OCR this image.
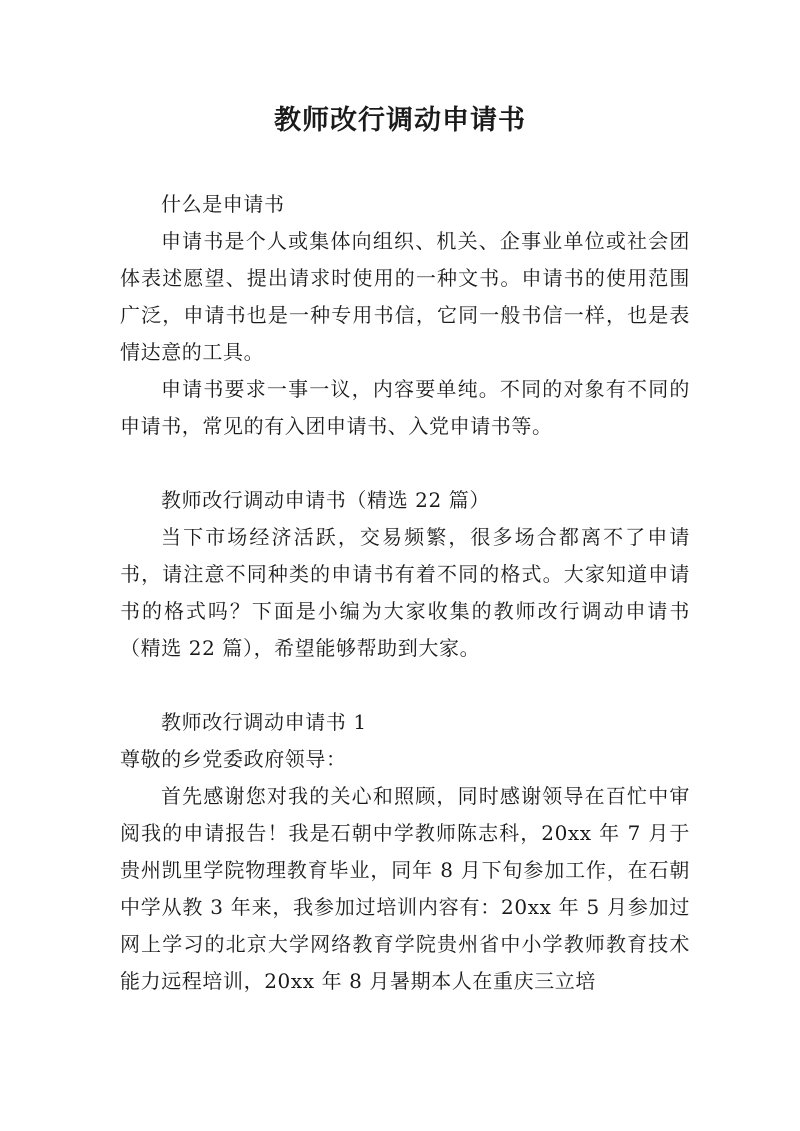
教师改行调动申请书

什么是申请书

申请书是个人或集体向组织、机关、企事业单位或社会团体表述愿望、提出请求时使用的一种文书。申请书的使用范围广泛，申请书也是一种专用书信，它同一般书信一样，也是表情达意的工具。

申请书要求一事一议，内容要单纯。不同的对象有不同的申请书，常见的有入团申请书、入党申请书等。

教师改行调动申请书（精选 22 篇）

当下市场经济活跃，交易频繁，很多场合都离不了申请书，请注意不同种类的申请书有着不同的格式。大家知道申请书的格式吗？下面是小编为大家收集的教师改行调动申请书（精选 22 篇），希望能够帮助到大家。

教师改行调动申请书 1

尊敬的乡党委政府领导：

首先感谢您对我的关心和照顾，同时感谢领导在百忙中审阅我的申请报告！我是石朝中学教师陈志科，20xx 年 7 月于贵州凯里学院物理教育毕业，同年 8 月下旬参加工作，在石朝中学从教 3 年来，我参加过培训内容有：20xx 年 5 月参加过网上学习的北京大学网络教育学院贵州省中小学教师教育技术能力远程培训，20xx 年 8 月暑期本人在重庆三立培
